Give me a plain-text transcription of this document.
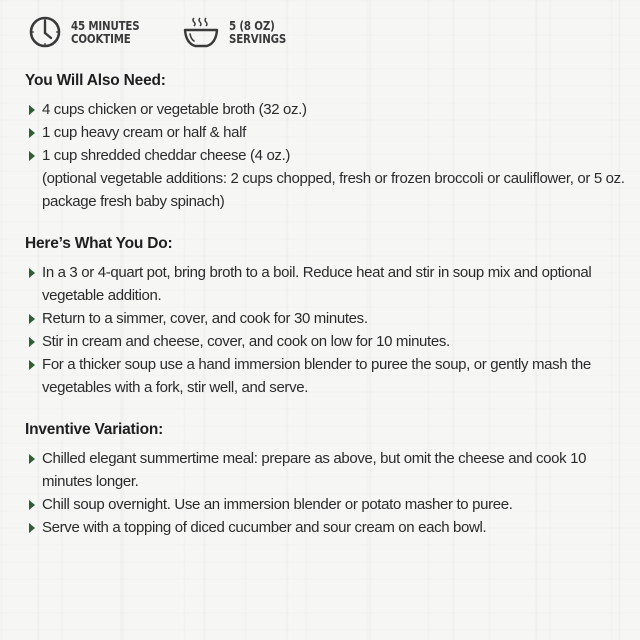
45 MINUTES
COOKTIME
5 (8 OZ)
SERVINGS
You Will Also Need:
4 cups chicken or vegetable broth (32 oz.)
1 cup heavy cream or half & half
1 cup shredded cheddar cheese (4 oz.)
(optional vegetable additions: 2 cups chopped, fresh or frozen broccoli or cauliflower, or 5 oz. package fresh baby spinach)
Here’s What You Do:
In a 3 or 4-quart pot, bring broth to a boil. Reduce heat and stir in soup mix and optional vegetable addition.
Return to a simmer, cover, and cook for 30 minutes.
Stir in cream and cheese, cover, and cook on low for 10 minutes.
For a thicker soup use a hand immersion blender to puree the soup, or gently mash the vegetables with a fork, stir well, and serve.
Inventive Variation:
Chilled elegant summertime meal: prepare as above, but omit the cheese and cook 10 minutes longer.
Chill soup overnight. Use an immersion blender or potato masher to puree.
Serve with a topping of diced cucumber and sour cream on each bowl.
